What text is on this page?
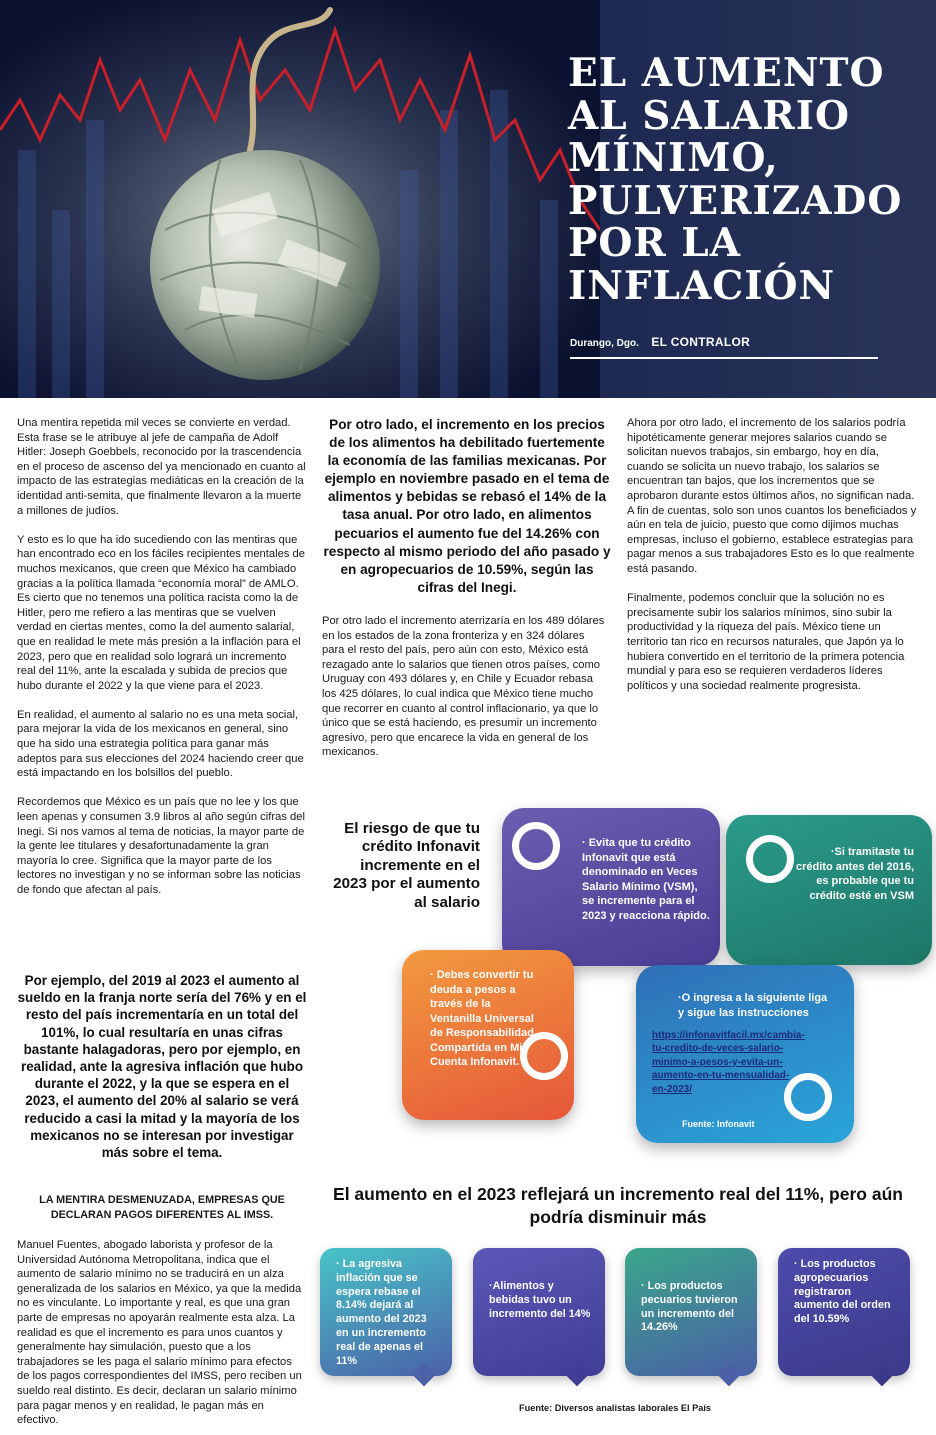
EL AUMENTO
AL SALARIO
MÍNIMO,
PULVERIZADO
POR LA
INFLACIÓN
Durango, Dgo. EL CONTRALOR

Una mentira repetida mil veces se convierte en verdad. Esta frase se le atribuye al jefe de campaña de Adolf Hitler: Joseph Goebbels, reconocido por la trascendencia en el proceso de ascenso del ya mencionado en cuanto al impacto de las estrategias mediáticas en la creación de la identidad anti-semita, que finalmente llevaron a la muerte a millones de judíos.

Y esto es lo que ha ido sucediendo con las mentiras que han encontrado eco en los fáciles recipientes mentales de muchos mexicanos, que creen que México ha cambiado gracias a la política llamada “economía moral” de AMLO. Es cierto que no tenemos una política racista como la de Hitler, pero me refiero a las mentiras que se vuelven verdad en ciertas mentes, como la del aumento salarial, que en realidad le mete más presión a la inflación para el 2023, pero que en realidad solo logrará un incremento real del 11%, ante la escalada y subida de precios que hubo durante el 2022 y la que viene para el 2023.

En realidad, el aumento al salario no es una meta social, para mejorar la vida de los mexicanos en general, sino que ha sido una estrategia política para ganar más adeptos para sus elecciones del 2024 haciendo creer que está impactando en los bolsillos del pueblo.

Recordemos que México es un país que no lee y los que leen apenas y consumen 3.9 libros al año según cifras del Inegi. Si nos vamos al tema de noticias, la mayor parte de la gente lee titulares y desafortunadamente la gran mayoría lo cree. Significa que la mayor parte de los lectores no investigan y no se informan sobre las noticias de fondo que afectan al país.

Por ejemplo, del 2019 al 2023 el aumento al sueldo en la franja norte sería del 76% y en el resto del país incrementaría en un total del 101%, lo cual resultaría en unas cifras bastante halagadoras, pero por ejemplo, en realidad, ante la agresiva inflación que hubo durante el 2022, y la que se espera en el 2023, el aumento del 20% al salario se verá reducido a casi la mitad y la mayoría de los mexicanos no se interesan por investigar más sobre el tema.
LA MENTIRA DESMENUZADA, EMPRESAS QUE DECLARAN PAGOS DIFERENTES AL IMSS.

Manuel Fuentes, abogado laborista y profesor de la Universidad Autónoma Metropolitana, indica que el aumento de salario mínimo no se traducirá en un alza generalizada de los salarios en México, ya que la medida no es vinculante. Lo importante y real, es que una gran parte de empresas no apoyarán realmente esta alza. La realidad es que el incremento es para unos cuantos y generalmente hay simulación, puesto que a los trabajadores se les paga el salario mínimo para efectos de los pagos correspondientes del IMSS, pero reciben un sueldo real distinto. Es decir, declaran un salario mínimo para pagar menos y en realidad, le pagan más en efectivo.

Por otro lado, el incremento en los precios de los alimentos ha debilitado fuertemente la economía de las familias mexicanas. Por ejemplo en noviembre pasado en el tema de alimentos y bebidas se rebasó el 14% de la tasa anual. Por otro lado, en alimentos pecuarios el aumento fue del 14.26% con respecto al mismo periodo del año pasado y en agropecuarios de 10.59%, según las cifras del Inegi.

Por otro lado el incremento aterrizaría en los 489 dólares en los estados de la zona fronteriza y en 324 dólares para el resto del país, pero aún con esto, México está rezagado ante lo salarios que tienen otros países, como Uruguay con 493 dólares y, en Chile y Ecuador rebasa los 425 dólares, lo cual indica que México tiene mucho que recorrer en cuanto al control inflacionario, ya que lo único que se está haciendo, es presumir un incremento agresivo, pero que encarece la vida en general de los mexicanos.

Ahora por otro lado, el incremento de los salarios podría hipotéticamente generar mejores salarios cuando se solicitan nuevos trabajos, sin embargo, hoy en día, cuando se solicita un nuevo trabajo, los salarios se encuentran tan bajos, que los incrementos que se aprobaron durante estos últimos años, no significan nada. A fin de cuentas, solo son unos cuantos los beneficiados y aún en tela de juicio, puesto que como dijimos muchas empresas, incluso el gobierno, establece estrategias para pagar menos a sus trabajadores Esto es lo que realmente está pasando.

Finalmente, podemos concluir que la solución no es precisamente subir los salarios mínimos, sino subir la productividad y la riqueza del país. México tiene un territorio tan rico en recursos naturales, que Japón ya lo hubiera convertido en el territorio de la primera potencia mundial y para eso se requieren verdaderos líderes políticos y una sociedad realmente progresista.

El riesgo de que tu crédito Infonavit incremente en el 2023 por el aumento al salario
· Evita que tu crédito Infonavit que está denominado en Veces Salario Mínimo (VSM), se incremente para el 2023 y reacciona rápido.
·Si tramitaste tu crédito antes del 2016, es probable que tu crédito esté en VSM
· Debes convertir tu deuda a pesos a través de la Ventanilla Universal de Responsabilidad Compartida en Mi Cuenta Infonavit.
·O ingresa a la siguiente liga y sigue las instrucciones
https://infonavitfacil.mx/cambia-tu-credito-de-veces-salario-minimo-a-pesos-y-evita-un-aumento-en-tu-mensualidad-en-2023/
Fuente: Infonavit
El aumento en el 2023 reflejará un incremento real del 11%, pero aún podría disminuir más
· La agresiva inflación que se espera rebase el 8.14% dejará al aumento del 2023 en un incremento real de apenas el 11%
·Alimentos y bebidas tuvo un incremento del 14%
· Los productos pecuarios tuvieron un incremento del 14.26%
· Los productos agropecuarios registraron aumento del orden del 10.59%
Fuente: Diversos analistas laborales El País
